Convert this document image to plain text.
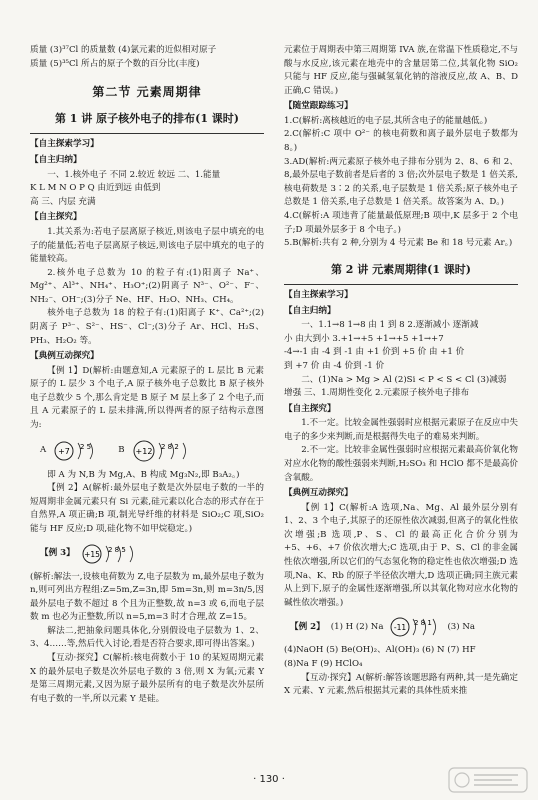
质量 (3)³⁷Cl 的质量数 (4)氯元素的近似相对原子

质量 (5)³⁵Cl 所占的原子个数的百分比(丰度)

第二节 元素周期律
第 1 讲 原子核外电子的排布(1 课时)
【自主探索学习】
【自主归纳】

一、1.核外电子 不同 2.较近 较远 二、1.能量

K L M N O P Q 由近到远 由低到

高 三、内层 充满

【自主探究】

1.其关系为:若电子层离原子核近,则该电子层中填充的电子的能量低;若电子层离原子核远,则该电子层中填充的电子的能量较高。

2.核外电子总数为 10 的粒子有:(1)阳离子 Na⁺、Mg²⁺、Al³⁺、NH₄⁺、H₃O⁺;(2)阴离子 N³⁻、O²⁻、F⁻、NH₂⁻、OH⁻;(3)分子 Ne、HF、H₂O、NH₃、CH₄。

核外电子总数为 18 的粒子有:(1)阳离子 K⁺、Ca²⁺;(2)阴离子 P³⁻、S²⁻、HS⁻、Cl⁻;(3)分子 Ar、HCl、H₂S、PH₃、H₂O₂ 等。

【典例互动探究】

【例 1】D(解析:由题意知,A 元素原子的 L 层比 B 元素原子的 L 层少 3 个电子,A 原子核外电子总数比 B 原子核外电子总数少 5 个,那么肯定是 B 原子 M 层上多了 2 个电子,而且 A 元素原子的 L 层未排满,所以得两者的原子结构示意图为:

A +7 2 5	B +12 2 8 2

即 A 为 N,B 为 Mg,A、B 构成 Mg₃N₂,即 B₃A₂。)

【例 2】A(解析:最外层电子数是次外层电子数的一半的短周期非金属元素只有 Si 元素,硅元素以化合态的形式存在于自然界,A 项正确;B 项,制光导纤维的材料是 SiO₂;C 项,SiO₂ 能与 HF 反应;D 项,硅化物不如甲烷稳定。)

【例 3】 +15 2 8 5

(解析:解法一,设核电荷数为 Z,电子层数为 m,最外层电子数为 n,则可列出方程组:Z=5m,Z=3n,即 5m=3n,则 m=3n/5,因最外层电子数不超过 8 个且为正整数,故 n=3 或 6,而电子层数 m 也必为正整数,所以 n=5,m=3 时才合理,故 Z=15。

解法二,把抽象问题具体化,分别假设电子层数为 1、2、3、4……等,然后代入讨论,看是否符合要求,即可得出答案。)

【互动·探究】C(解析:核电荷数小于 10 的某短周期元素 X 的最外层电子数是次外层电子数的 3 倍,则 X 为氧;元素 Y 是第三周期元素,又因为原子最外层所有的电子数是次外层所有电子数的一半,所以元素 Y 是硅。

元素位于周期表中第三周期第 IVA 族,在常温下性质稳定,不与酸与水反应,该元素在地壳中的含量居第二位,其氧化物 SiO₂ 只能与 HF 反应,能与强碱氢氧化钠的溶液反应,故 A、B、D 正确,C 错误。)

【随堂跟踪练习】

1.C(解析:离核越近的电子层,其所含电子的能量越低。)

2.C(解析:C 项中 O²⁻ 的核电荷数和离子最外层电子数都为 8。)

3.AD(解析:两元素原子核外电子排布分别为 2、8、6 和 2、8,最外层电子数前者是后者的 3 倍;次外层电子数是 1 倍关系,核电荷数是 3∶2 的关系,电子层数是 1 倍关系;原子核外电子总数是 1 倍关系,电子总数是 1 倍关系。故答案为 A、D。)

4.C(解析:A 项违背了能量最低原理;B 项中,K 层多于 2 个电子;D 项最外层多于 8 个电子。)

5.B(解析:共有 2 种,分别为 4 号元素 Be 和 18 号元素 Ar。)

第 2 讲 元素周期律(1 课时)
【自主探索学习】
【自主归纳】

一、1.1→8 1→8 由 1 到 8 2.逐渐减小 逐渐减

小 由大到小 3.+1→+5 +1→+5 +1→+7

-4→-1 由 -4 到 -1 由 +1 价到 +5 价 由 +1 价

到 +7 价 由 -4 价到 -1 价

二、(1)Na > Mg > Al (2)Si < P < S < Cl (3)减弱

增强 三、1.周期性变化 2.元素原子核外电子排布

【自主探究】

1.不一定。比较金属性强弱时应根据元素原子在反应中失电子的多少来判断,而是根据得失电子的难易来判断。

2.不一定。比较非金属性强弱时应根据元素最高价氧化物对应水化物的酸性强弱来判断,H₂SO₃ 和 HClO 都不是最高价含氧酸。

【典例互动探究】

【例 1】C(解析:A 选项,Na、Mg、Al 最外层分别有 1、2、3 个电子,其原子的还原性依次减弱,但离子的氧化性依次增强;B 选项,P、S、Cl 的最高正化合价分别为 +5、+6、+7 价依次增大;C 选项,由于 P、S、Cl 的非金属性依次增强,所以它们的气态氢化物的稳定性也依次增强;D 选项,Na、K、Rb 的原子半径依次增大,D 选项正确;同主族元素从上到下,原子的金属性逐渐增强,所以其氧化物对应水化物的碱性依次增强。)

【例 2】 (1) H (2) Na -11 2 8 1 (3) Na

(4)NaOH (5) Be(OH)₂、Al(OH)₃ (6) N (7) HF

(8)Na F (9) HClO₄

【互动·探究】A(解析:解答该题思路有两种,其一是先确定 X 元素、Y 元素,然后根据其元素的具体性质来推

· 130 ·
